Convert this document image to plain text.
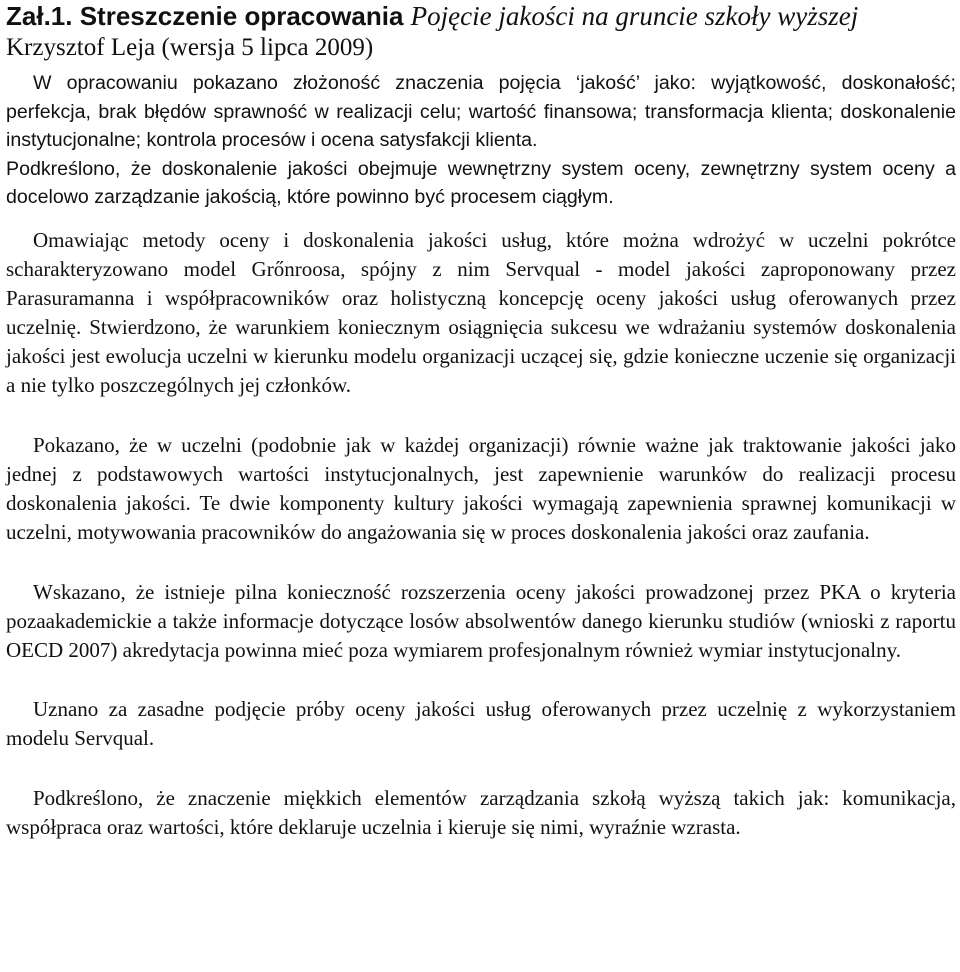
Zał.1. Streszczenie opracowania Pojęcie jakości na gruncie szkoły wyższej

Krzysztof Leja (wersja 5 lipca 2009)

W opracowaniu pokazano złożoność znaczenia pojęcia ‘jakość’ jako: wyjątkowość, doskonałość; perfekcja, brak błędów sprawność w realizacji celu; wartość finansowa; transformacja klienta; doskonalenie instytucjonalne; kontrola procesów i ocena satysfakcji klienta.

Podkreślono, że doskonalenie jakości obejmuje wewnętrzny system oceny, zewnętrzny system oceny a docelowo zarządzanie jakością, które powinno być procesem ciągłym.

Omawiając metody oceny i doskonalenia jakości usług, które można wdrożyć w uczelni pokrótce scharakteryzowano model Grőnroosa, spójny z nim Servqual - model jakości zaproponowany przez Parasuramanna i współpracowników oraz holistyczną koncepcję oceny jakości usług oferowanych przez uczelnię. Stwierdzono, że warunkiem koniecznym osiągnięcia sukcesu we wdrażaniu systemów doskonalenia jakości jest ewolucja uczelni w kierunku modelu organizacji uczącej się, gdzie konieczne uczenie się organizacji a nie tylko poszczególnych jej członków.

Pokazano, że w uczelni (podobnie jak w każdej organizacji) równie ważne jak traktowanie jakości jako jednej z podstawowych wartości instytucjonalnych, jest zapewnienie warunków do realizacji procesu doskonalenia jakości. Te dwie komponenty kultury jakości wymagają zapewnienia sprawnej komunikacji w uczelni, motywowania pracowników do angażowania się w proces doskonalenia jakości oraz zaufania.

Wskazano, że istnieje pilna konieczność rozszerzenia oceny jakości prowadzonej przez PKA o kryteria pozaakademickie a także informacje dotyczące losów absolwentów danego kierunku studiów (wnioski z raportu OECD 2007) akredytacja powinna mieć poza wymiarem profesjonalnym również wymiar instytucjonalny.

Uznano za zasadne podjęcie próby oceny jakości usług oferowanych przez uczelnię z wykorzystaniem modelu Servqual.

Podkreślono, że znaczenie miękkich elementów zarządzania szkołą wyższą takich jak: komunikacja, współpraca oraz wartości, które deklaruje uczelnia i kieruje się nimi, wyraźnie wzrasta.
